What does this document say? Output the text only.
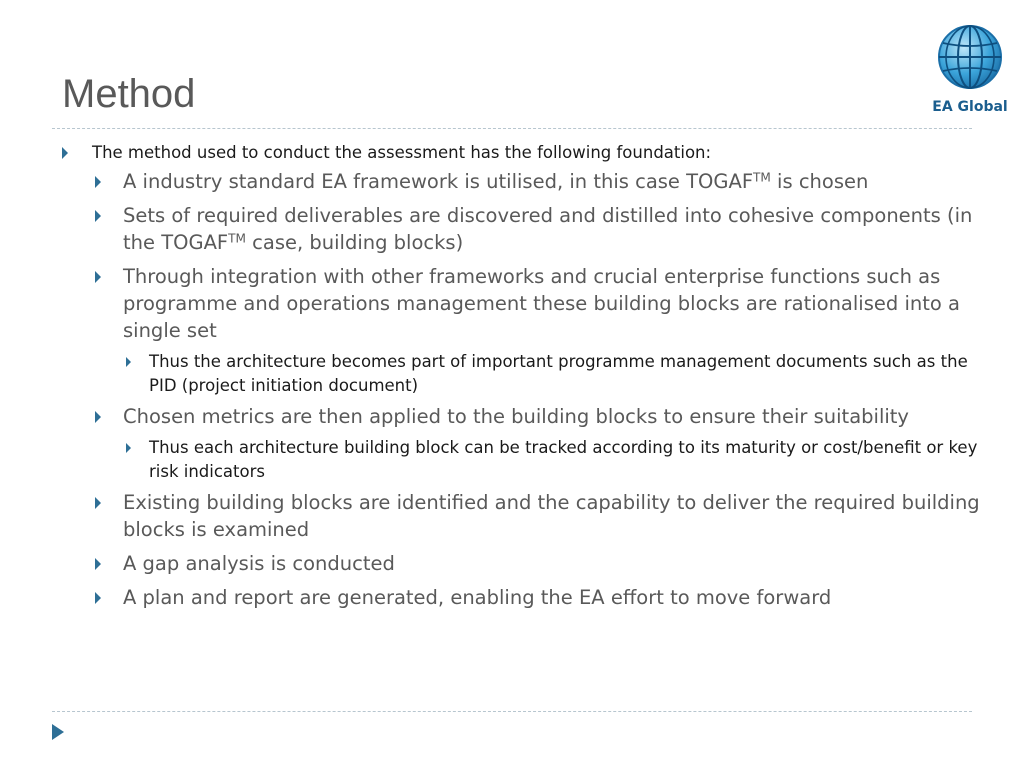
Method	EA Global
The method used to conduct the assessment has the following foundation:
A industry standard EA framework is utilised, in this case TOGAF™ is chosen
Sets of required deliverables are discovered and distilled into cohesive components (in the TOGAF™ case, building blocks)
Through integration with other frameworks and crucial enterprise functions such as programme and operations management these building blocks are rationalised into a single set
Thus the architecture becomes part of important programme management documents such as the PID (project initiation document)
Chosen metrics are then applied to the building blocks to ensure their suitability
Thus each architecture building block can be tracked according to its maturity or cost/benefit or key risk indicators
Existing building blocks are identified and the capability to deliver the required building blocks is examined
A gap analysis is conducted
A plan and report are generated, enabling the EA effort to move forward
